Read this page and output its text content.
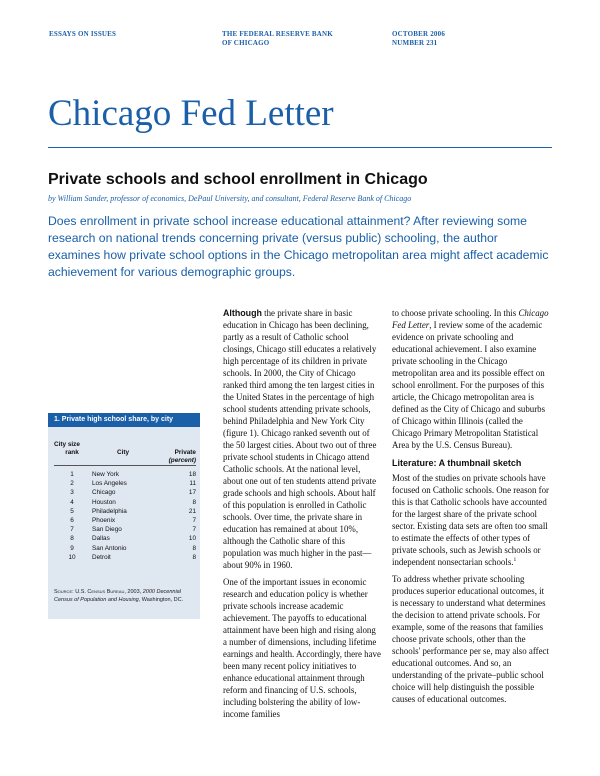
ESSAYS ON ISSUES	THE FEDERAL RESERVE BANK
OF CHICAGO
OCTOBER 2006
NUMBER 231
Chicago Fed Letter
Private schools and school enrollment in Chicago
by William Sander, professor of economics, DePaul University, and consultant, Federal Reserve Bank of Chicago
Does enrollment in private school increase educational attainment? After reviewing some research on national trends concerning private (versus public) schooling, the author examines how private school options in the Chicago metropolitan area might affect academic achievement for various demographic groups.
1. Private high school share, by city
City size		
rank	City	Private
		(percent)

1	New York	18
2	Los Angeles	11
3	Chicago	17
4	Houston	8
5	Philadelphia	21
6	Phoenix	7
7	San Diego	7
8	Dallas	10
9	San Antonio	8
10	Detroit	8
Source: U.S. Census Bureau, 2003, 2000 Decennial Census of Population and Housing, Washington, DC.

Although the private share in basic education in Chicago has been declining, partly as a result of Catholic school closings, Chicago still educates a relatively high percentage of its children in private schools. In 2000, the City of Chicago ranked third among the ten largest cities in the United States in the percentage of high school students attending private schools, behind Philadelphia and New York City (figure 1). Chicago ranked seventh out of the 50 largest cities. About two out of three private school students in Chicago attend Catholic schools. At the national level, about one out of ten students attend private grade schools and high schools. About half of this population is enrolled in Catholic schools. Over time, the private share in education has remained at about 10%, although the Catholic share of this population was much higher in the past—about 90% in 1960.

One of the important issues in economic research and education policy is whether private schools increase academic achievement. The payoffs to educational attainment have been high and rising along a number of dimensions, including lifetime earnings and health. Accordingly, there have been many recent policy initiatives to enhance educational attainment through reform and financing of U.S. schools, including bolstering the ability of low-income families

to choose private schooling. In this Chicago Fed Letter, I review some of the academic evidence on private schooling and educational achievement. I also examine private schooling in the Chicago metropolitan area and its possible effect on school enrollment. For the purposes of this article, the Chicago metropolitan area is defined as the City of Chicago and suburbs of Chicago within Illinois (called the Chicago Primary Metropolitan Statistical Area by the U.S. Census Bureau).

Literature: A thumbnail sketch

Most of the studies on private schools have focused on Catholic schools. One reason for this is that Catholic schools have accounted for the largest share of the private school sector. Existing data sets are often too small to estimate the effects of other types of private schools, such as Jewish schools or independent nonsectarian schools.$^1$

To address whether private schooling produces superior educational outcomes, it is necessary to understand what determines the decision to attend private schools. For example, some of the reasons that families choose private schools, other than the schools' performance per se, may also affect educational outcomes. And so, an understanding of the private–public school choice will help distinguish the possible causes of educational outcomes.
